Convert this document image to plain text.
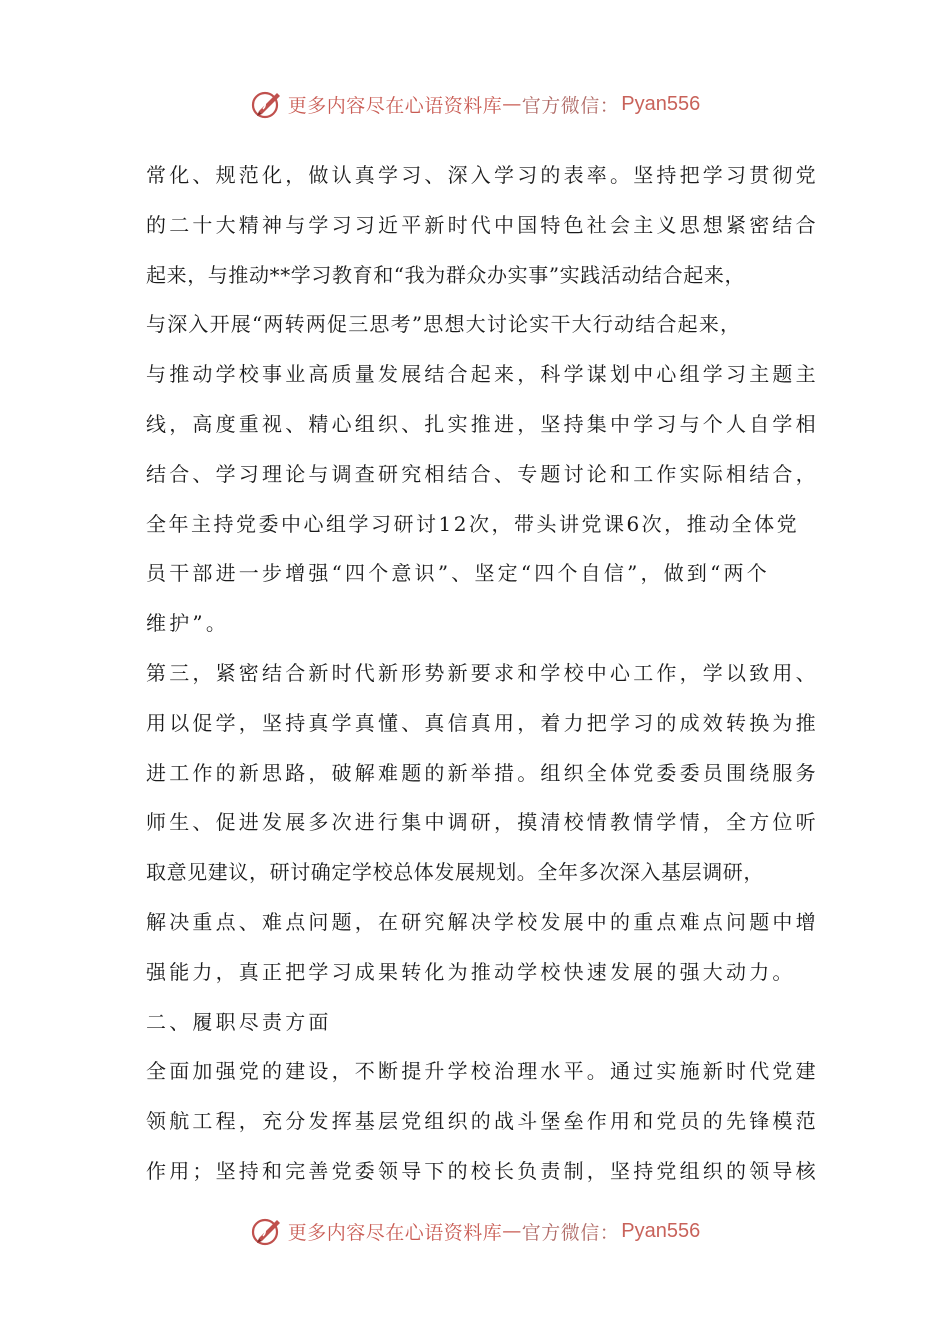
更多内容尽在心语资料库 — 官方微信： Pyan556
常化、规范化，做认真学习、深入学习的表率。坚持把学习贯彻党
的二十大精神与学习习近平新时代中国特色社会主义思想紧密结合
起来，与推动**学习教育和“我为群众办实事”实践活动结合起来，
与深入开展“两转两促三思考”思想大讨论实干大行动结合起来，
与推动学校事业高质量发展结合起来，科学谋划中心组学习主题主
线，高度重视、精心组织、扎实推进，坚持集中学习与个人自学相
结合、学习理论与调查研究相结合、专题讨论和工作实际相结合，
全年主持党委中心组学习研讨12次，带头讲党课6次，推动全体党
员干部进一步增强“四个意识”、坚定“四个自信”，做到“两个
维护”。
第三，紧密结合新时代新形势新要求和学校中心工作，学以致用、
用以促学，坚持真学真懂、真信真用，着力把学习的成效转换为推
进工作的新思路，破解难题的新举措。组织全体党委委员围绕服务
师生、促进发展多次进行集中调研，摸清校情教情学情，全方位听
取意见建议，研讨确定学校总体发展规划。全年多次深入基层调研，
解决重点、难点问题，在研究解决学校发展中的重点难点问题中增
强能力，真正把学习成果转化为推动学校快速发展的强大动力。
二、履职尽责方面
全面加强党的建设，不断提升学校治理水平。通过实施新时代党建
领航工程，充分发挥基层党组织的战斗堡垒作用和党员的先锋模范
作用；坚持和完善党委领导下的校长负责制，坚持党组织的领导核
更多内容尽在心语资料库 — 官方微信： Pyan556
